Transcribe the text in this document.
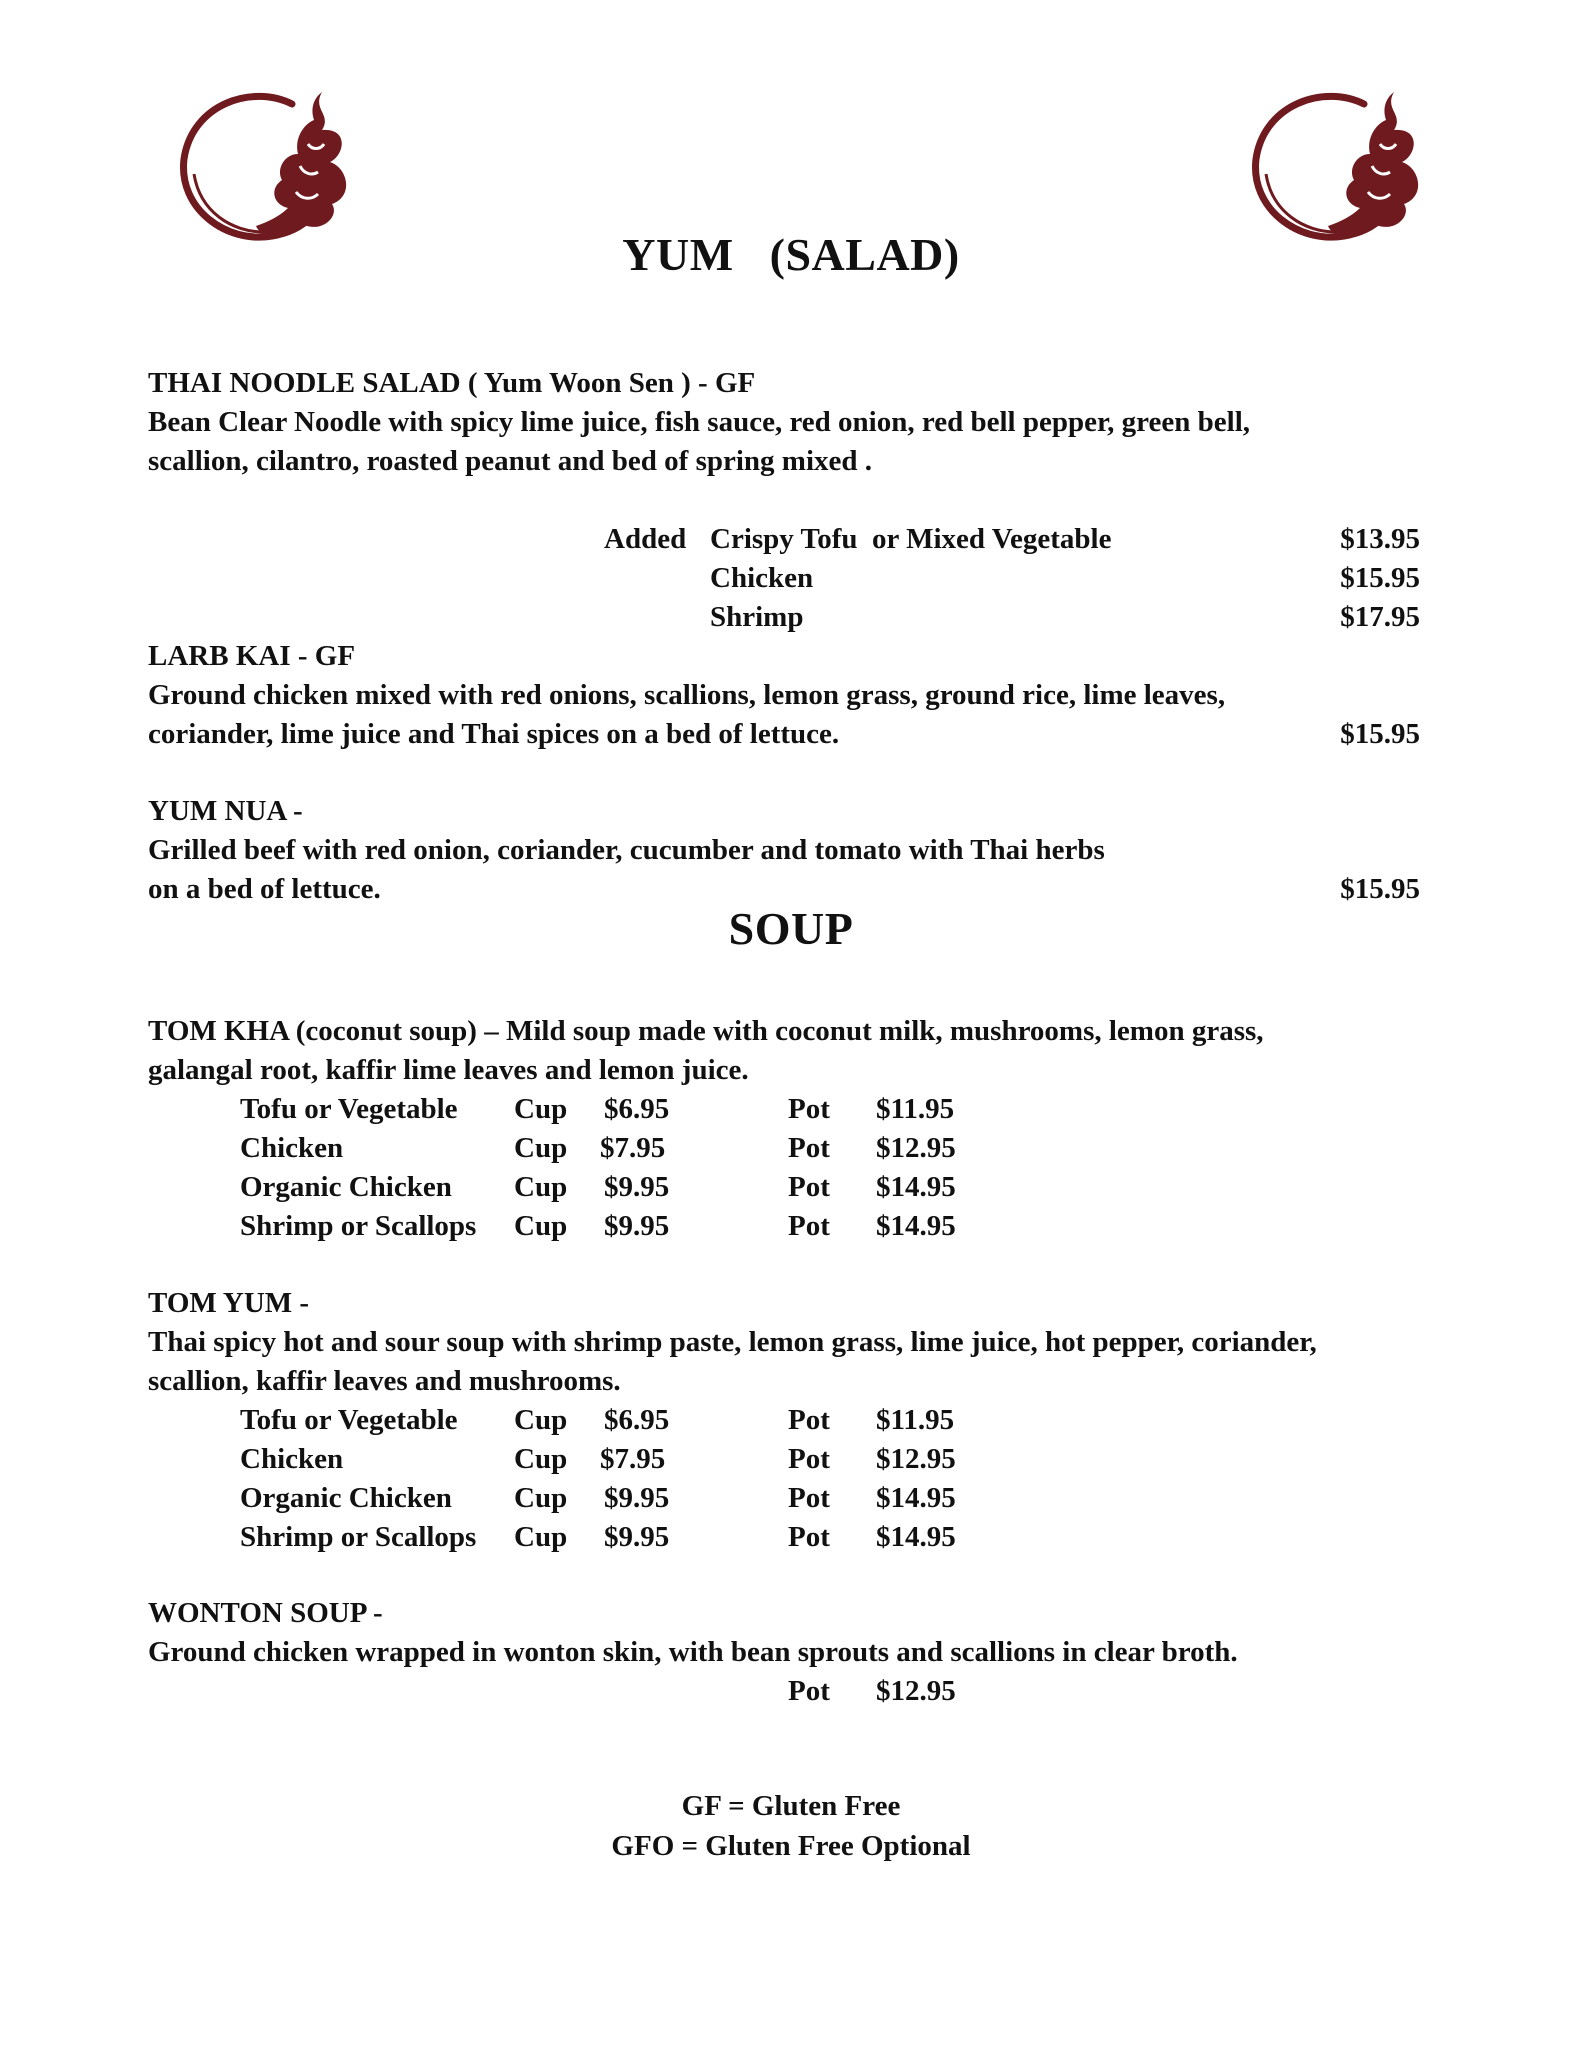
YUM   (SALAD)
THAI NOODLE SALAD ( Yum Woon Sen ) - GF
Bean Clear Noodle with spicy lime juice, fish sauce, red onion, red bell pepper, green bell,
scallion, cilantro, roasted peanut and bed of spring mixed .
Added Crispy Tofu  or Mixed Vegetable	$13.95
Chicken	$15.95
Shrimp	$17.95
LARB KAI - GF
Ground chicken mixed with red onions, scallions, lemon grass, ground rice, lime leaves,
coriander, lime juice and Thai spices on a bed of lettuce.	$15.95
YUM NUA -
Grilled beef with red onion, coriander, cucumber and tomato with Thai herbs
on a bed of lettuce.	$15.95
SOUP
TOM KHA (coconut soup) – Mild soup made with coconut milk, mushrooms, lemon grass,
galangal root, kaffir lime leaves and lemon juice.
Tofu or Vegetable Cup $6.95	Pot $11.95
Chicken	Cup $7.95	Pot $12.95
Organic Chicken Cup $9.95	Pot $14.95
Shrimp or Scallops Cup $9.95	Pot $14.95
TOM YUM -
Thai spicy hot and sour soup with shrimp paste, lemon grass, lime juice, hot pepper, coriander,
scallion, kaffir leaves and mushrooms.
Tofu or Vegetable Cup $6.95	Pot $11.95
Chicken	Cup $7.95	Pot $12.95
Organic Chicken Cup $9.95	Pot $14.95
Shrimp or Scallops Cup $9.95	Pot $14.95
WONTON SOUP -
Ground chicken wrapped in wonton skin, with bean sprouts and scallions in clear broth.
Pot $12.95
GF = Gluten Free
GFO = Gluten Free Optional
